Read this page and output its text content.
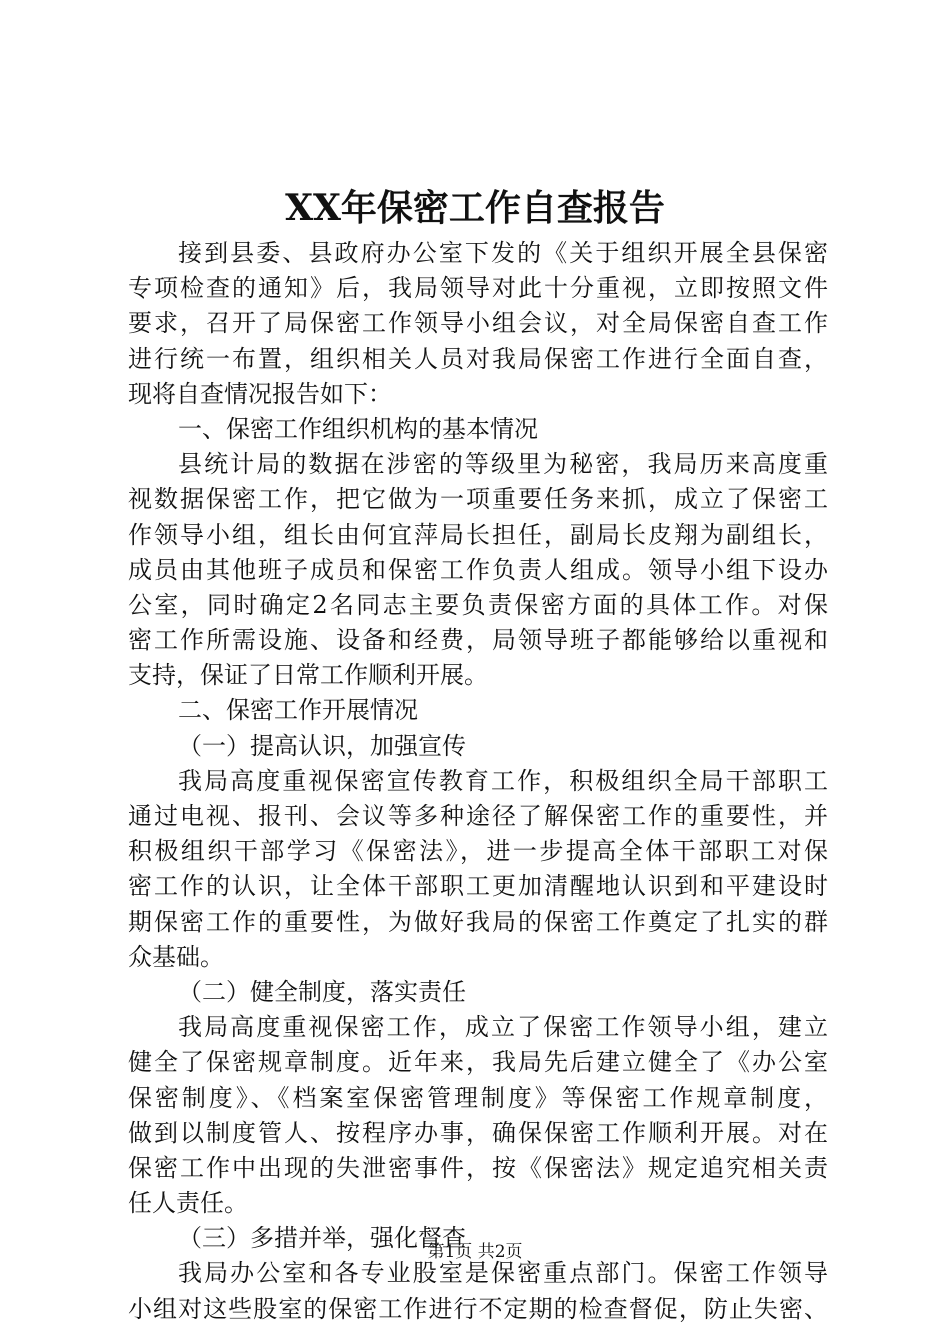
XX年保密工作自查报告
接到县委、县政府办公室下发的《关于组织开展全县保密
专项检查的通知》后，我局领导对此十分重视，立即按照文件
要求，召开了局保密工作领导小组会议，对全局保密自查工作
进行统一布置，组织相关人员对我局保密工作进行全面自查，
现将自查情况报告如下：
一、保密工作组织机构的基本情况
县统计局的数据在涉密的等级里为秘密，我局历来高度重
视数据保密工作，把它做为一项重要任务来抓，成立了保密工
作领导小组，组长由何宜萍局长担任，副局长皮翔为副组长，
成员由其他班子成员和保密工作负责人组成。领导小组下设办
公室，同时确定2名同志主要负责保密方面的具体工作。对保
密工作所需设施、设备和经费，局领导班子都能够给以重视和
支持，保证了日常工作顺利开展。
二、保密工作开展情况
（一）提高认识，加强宣传
我局高度重视保密宣传教育工作，积极组织全局干部职工
通过电视、报刊、会议等多种途径了解保密工作的重要性，并
积极组织干部学习《保密法》，进一步提高全体干部职工对保
密工作的认识，让全体干部职工更加清醒地认识到和平建设时
期保密工作的重要性，为做好我局的保密工作奠定了扎实的群
众基础。
（二）健全制度，落实责任
我局高度重视保密工作，成立了保密工作领导小组，建立
健全了保密规章制度。近年来，我局先后建立健全了《办公室
保密制度》、《档案室保密管理制度》等保密工作规章制度，
做到以制度管人、按程序办事，确保保密工作顺利开展。对在
保密工作中出现的失泄密事件，按《保密法》规定追究相关责
任人责任。
（三）多措并举，强化督查
我局办公室和各专业股室是保密重点部门。保密工作领导
小组对这些股室的保密工作进行不定期的检查督促，防止失密、
第1页 共2页
